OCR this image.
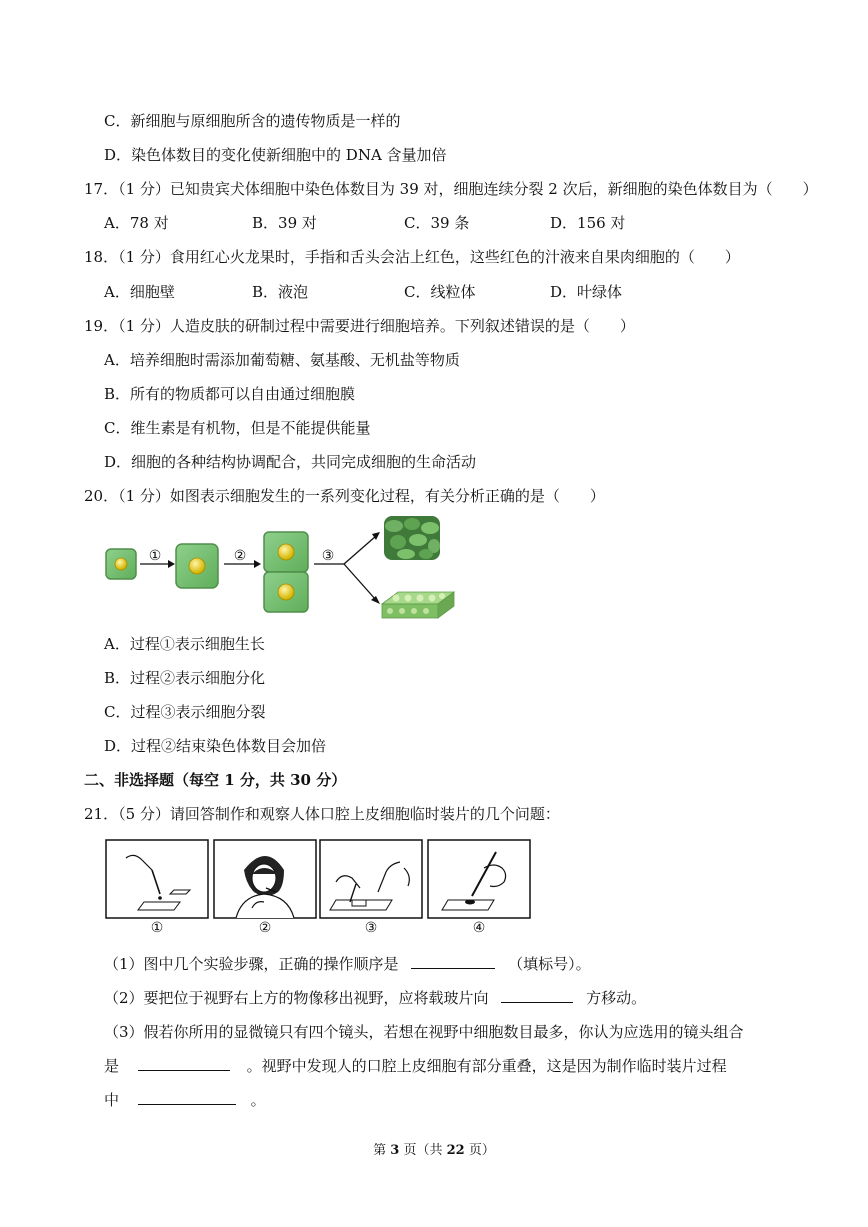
C．新细胞与原细胞所含的遗传物质是一样的
D．染色体数目的变化使新细胞中的 DNA 含量加倍
17．（1 分）已知贵宾犬体细胞中染色体数目为 39 对，细胞连续分裂 2 次后，新细胞的染色体数目为（　　）
A．78 对	B．39 对	C．39 条	D．156 对
18．（1 分）食用红心火龙果时，手指和舌头会沾上红色，这些红色的汁液来自果肉细胞的（　　）
A．细胞壁	B．液泡	C．线粒体	D．叶绿体
19．（1 分）人造皮肤的研制过程中需要进行细胞培养。下列叙述错误的是（　　）
A．培养细胞时需添加葡萄糖、氨基酸、无机盐等物质
B．所有的物质都可以自由通过细胞膜
C．维生素是有机物，但是不能提供能量
D．细胞的各种结构协调配合，共同完成细胞的生命活动
20．（1 分）如图表示细胞发生的一系列变化过程，有关分析正确的是（　　）
①	②	③
A．过程①表示细胞生长
B．过程②表示细胞分化
C．过程③表示细胞分裂
D．过程②结束染色体数目会加倍
二、非选择题（每空 1 分，共 30 分）
21．（5 分）请回答制作和观察人体口腔上皮细胞临时装片的几个问题：
①	②	③	④
（1）图中几个实验步骤，正确的操作顺序是	（填标号）。
（2）要把位于视野右上方的物像移出视野，应将载玻片向	方移动。
（3）假若你所用的显微镜只有四个镜头，若想在视野中细胞数目最多，你认为应选用的镜头组合
是	。视野中发现人的口腔上皮细胞有部分重叠，这是因为制作临时装片过程
中	。
第 3 页（共 22 页）
